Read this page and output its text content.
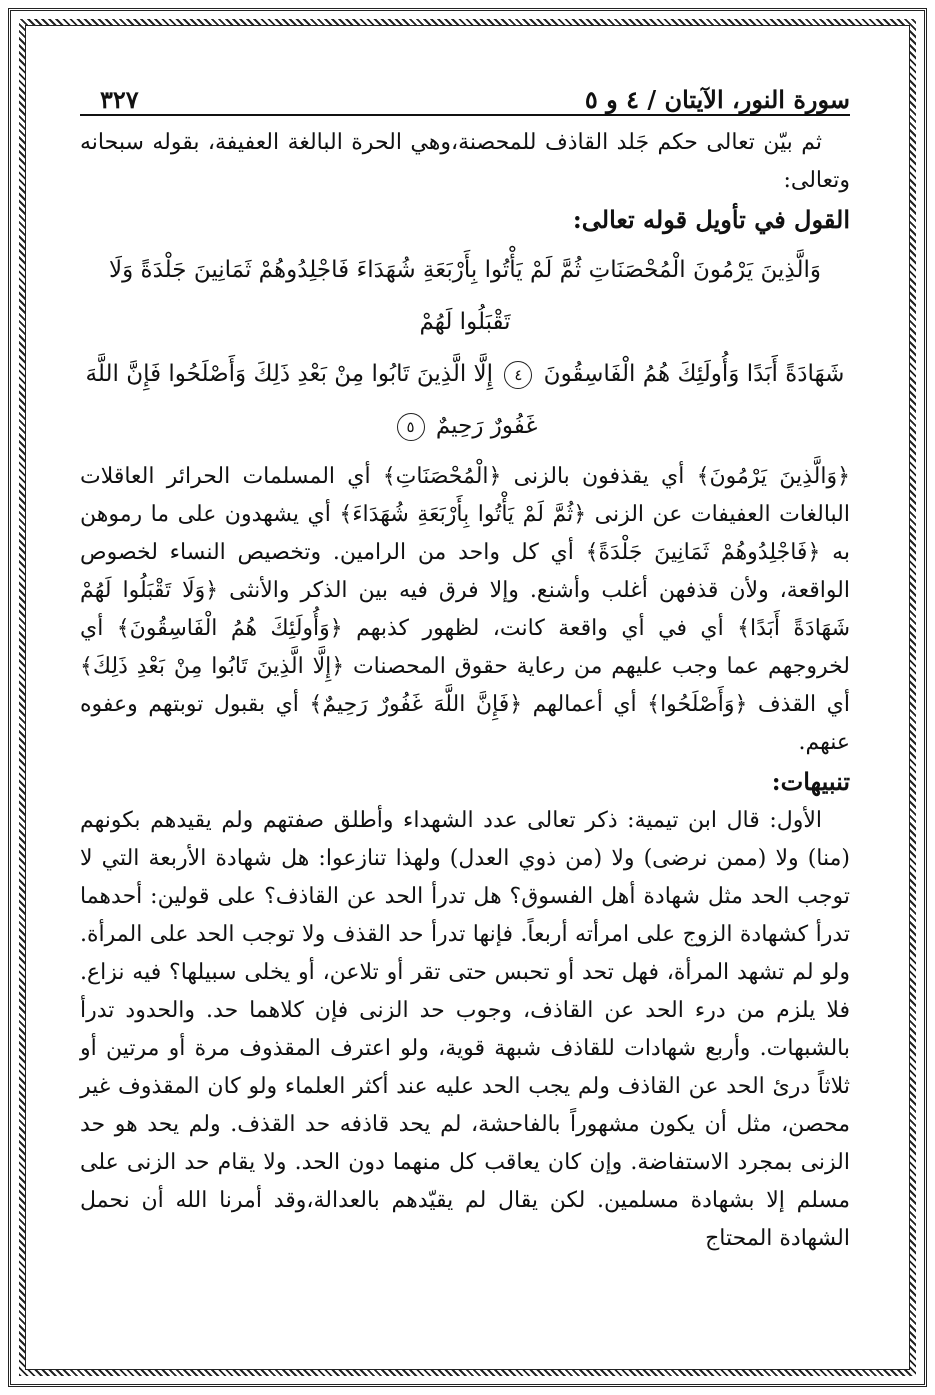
سورة النور، الآيتان / ٤ و ٥
٣٢٧

ثم بيّن تعالى حكم جَلد القاذف للمحصنة،وهي الحرة البالغة العفيفة، بقوله سبحانه وتعالى:

القول في تأويل قوله تعالى:

وَالَّذِينَ يَرْمُونَ الْمُحْصَنَاتِ ثُمَّ لَمْ يَأْتُوا بِأَرْبَعَةِ شُهَدَاءَ فَاجْلِدُوهُمْ ثَمَانِينَ جَلْدَةً وَلَا تَقْبَلُوا لَهُمْ
شَهَادَةً أَبَدًا وَأُولَئِكَ هُمُ الْفَاسِقُونَ ٤ إِلَّا الَّذِينَ تَابُوا مِنْ بَعْدِ ذَلِكَ وَأَصْلَحُوا فَإِنَّ اللَّهَ
غَفُورٌ رَحِيمٌ ٥

﴿وَالَّذِينَ يَرْمُونَ﴾ أي يقذفون بالزنى ﴿الْمُحْصَنَاتِ﴾ أي المسلمات الحرائر العاقلات البالغات العفيفات عن الزنى ﴿ثُمَّ لَمْ يَأْتُوا بِأَرْبَعَةِ شُهَدَاءَ﴾ أي يشهدون على ما رموهن به ﴿فَاجْلِدُوهُمْ ثَمَانِينَ جَلْدَةً﴾ أي كل واحد من الرامين. وتخصيص النساء لخصوص الواقعة، ولأن قذفهن أغلب وأشنع. وإلا فرق فيه بين الذكر والأنثى ﴿وَلَا تَقْبَلُوا لَهُمْ شَهَادَةً أَبَدًا﴾ أي في أي واقعة كانت، لظهور كذبهم ﴿وَأُولَئِكَ هُمُ الْفَاسِقُونَ﴾ أي لخروجهم عما وجب عليهم من رعاية حقوق المحصنات ﴿إِلَّا الَّذِينَ تَابُوا مِنْ بَعْدِ ذَلِكَ﴾ أي القذف ﴿وَأَصْلَحُوا﴾ أي أعمالهم ﴿فَإِنَّ اللَّهَ غَفُورٌ رَحِيمٌ﴾ أي بقبول توبتهم وعفوه عنهم.

تنبيهات:

الأول: قال ابن تيمية: ذكر تعالى عدد الشهداء وأطلق صفتهم ولم يقيدهم بكونهم (منا) ولا (ممن نرضى) ولا (من ذوي العدل) ولهذا تنازعوا: هل شهادة الأربعة التي لا توجب الحد مثل شهادة أهل الفسوق؟ هل تدرأ الحد عن القاذف؟ على قولين: أحدهما تدرأ كشهادة الزوج على امرأته أربعاً. فإنها تدرأ حد القذف ولا توجب الحد على المرأة. ولو لم تشهد المرأة، فهل تحد أو تحبس حتى تقر أو تلاعن، أو يخلى سبيلها؟ فيه نزاع. فلا يلزم من درء الحد عن القاذف، وجوب حد الزنى فإن كلاهما حد. والحدود تدرأ بالشبهات. وأربع شهادات للقاذف شبهة قوية، ولو اعترف المقذوف مرة أو مرتين أو ثلاثاً درئ الحد عن القاذف ولم يجب الحد عليه عند أكثر العلماء ولو كان المقذوف غير محصن، مثل أن يكون مشهوراً بالفاحشة، لم يحد قاذفه حد القذف. ولم يحد هو حد الزنى بمجرد الاستفاضة. وإن كان يعاقب كل منهما دون الحد. ولا يقام حد الزنى على مسلم إلا بشهادة مسلمين. لكن يقال لم يقيّدهم بالعدالة،وقد أمرنا الله أن نحمل الشهادة المحتاج
